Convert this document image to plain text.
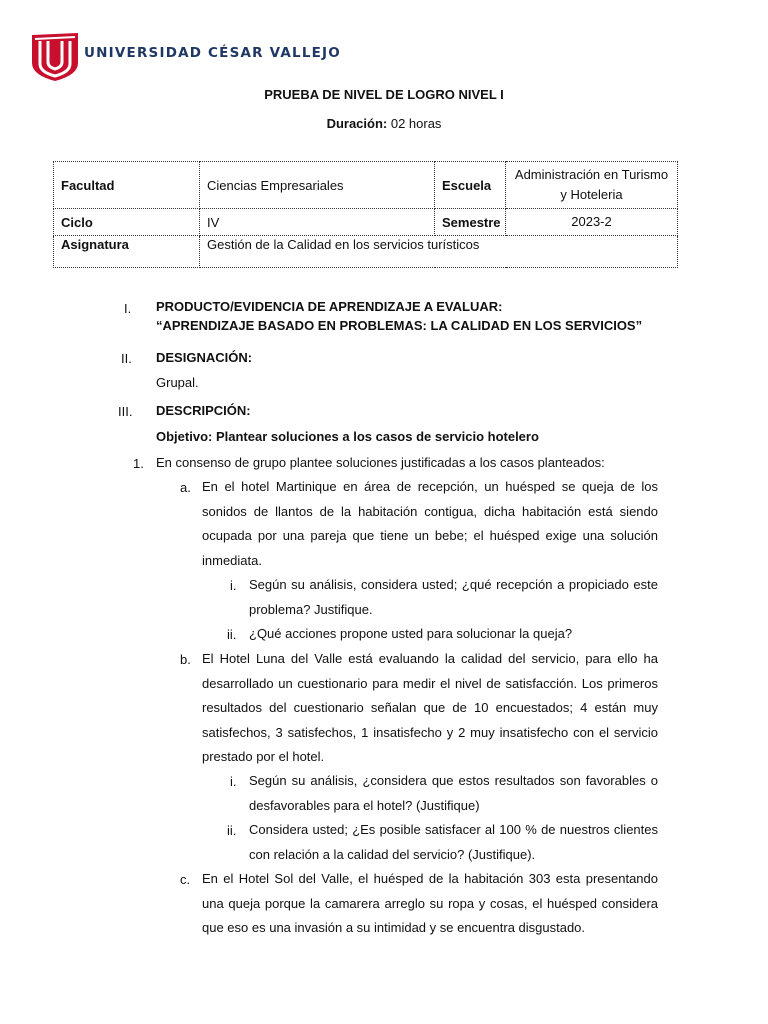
UNIVERSIDAD CÉSAR VALLEJO
PRUEBA DE NIVEL DE LOGRO NIVEL I
Duración: 02 horas
Facultad	Ciencias Empresariales	Escuela	Administración en Turismo y Hoteleria
Ciclo	IV	Semestre	2023-2
Asignatura	Gestión de la Calidad en los servicios turísticos		
I. PRODUCTO/EVIDENCIA DE APRENDIZAJE A EVALUAR:
“APRENDIZAJE BASADO EN PROBLEMAS: LA CALIDAD EN LOS SERVICIOS”
II. DESIGNACIÓN:
Grupal.
III. DESCRIPCIÓN:
Objetivo: Plantear soluciones a los casos de servicio hotelero
1. En consenso de grupo plantee soluciones justificadas a los casos planteados:
a. En el hotel Martinique en área de recepción, un huésped se queja de los sonidos de llantos de la habitación contigua, dicha habitación está siendo ocupada por una pareja que tiene un bebe; el huésped exige una solución inmediata.
i. Según su análisis, considera usted; ¿qué recepción a propiciado este problema? Justifique.
ii. ¿Qué acciones propone usted para solucionar la queja?
b. El Hotel Luna del Valle está evaluando la calidad del servicio, para ello ha desarrollado un cuestionario para medir el nivel de satisfacción. Los primeros resultados del cuestionario señalan que de 10 encuestados; 4 están muy satisfechos, 3 satisfechos, 1 insatisfecho y 2 muy insatisfecho con el servicio prestado por el hotel.
i. Según su análisis, ¿considera que estos resultados son favorables o desfavorables para el hotel? (Justifique)
ii. Considera usted; ¿Es posible satisfacer al 100 % de nuestros clientes con relación a la calidad del servicio? (Justifique).
c. En el Hotel Sol del Valle, el huésped de la habitación 303 esta presentando una queja porque la camarera arreglo su ropa y cosas, el huésped considera que eso es una invasión a su intimidad y se encuentra disgustado.
